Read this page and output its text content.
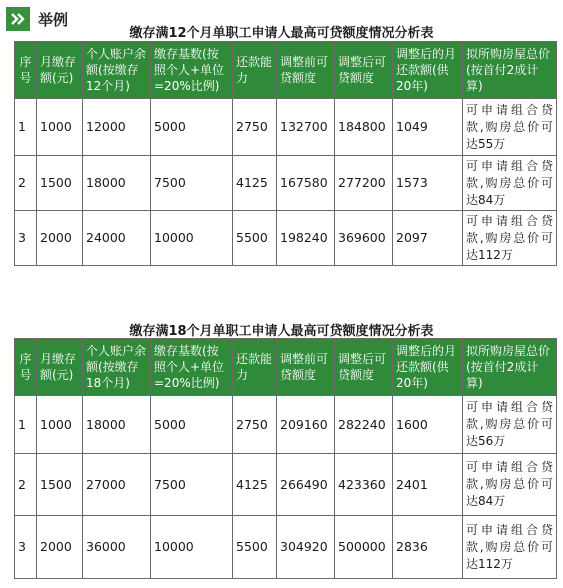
举例
缴存满12个月单职工申请人最高可贷额度情况分析表
序号	月缴存额(元)	个人账户余额(按缴存12个月)	缴存基数(按照个人+单位=20%比例)	还款能力	调整前可贷额度	调整后可贷额度	调整后的月还款额(供20年)	拟所购房屋总价(按首付2成计算)
1	1000	12000	5000	2750	132700	184800	1049	可申请组合贷款,购房总价可达55万
2	1500	18000	7500	4125	167580	277200	1573	可申请组合贷款,购房总价可达84万
3	2000	24000	10000	5500	198240	369600	2097	可申请组合贷款,购房总价可达112万
缴存满18个月单职工申请人最高可贷额度情况分析表
序号	月缴存额(元)	个人账户余额(按缴存18个月)	缴存基数(按照个人+单位=20%比例)	还款能力	调整前可贷额度	调整后可贷额度	调整后的月还款额(供20年)	拟所购房屋总价(按首付2成计算)
1	1000	18000	5000	2750	209160	282240	1600	可申请组合贷款,购房总价可达56万
2	1500	27000	7500	4125	266490	423360	2401	可申请组合贷款,购房总价可达84万
3	2000	36000	10000	5500	304920	500000	2836	可申请组合贷款,购房总价可达112万
